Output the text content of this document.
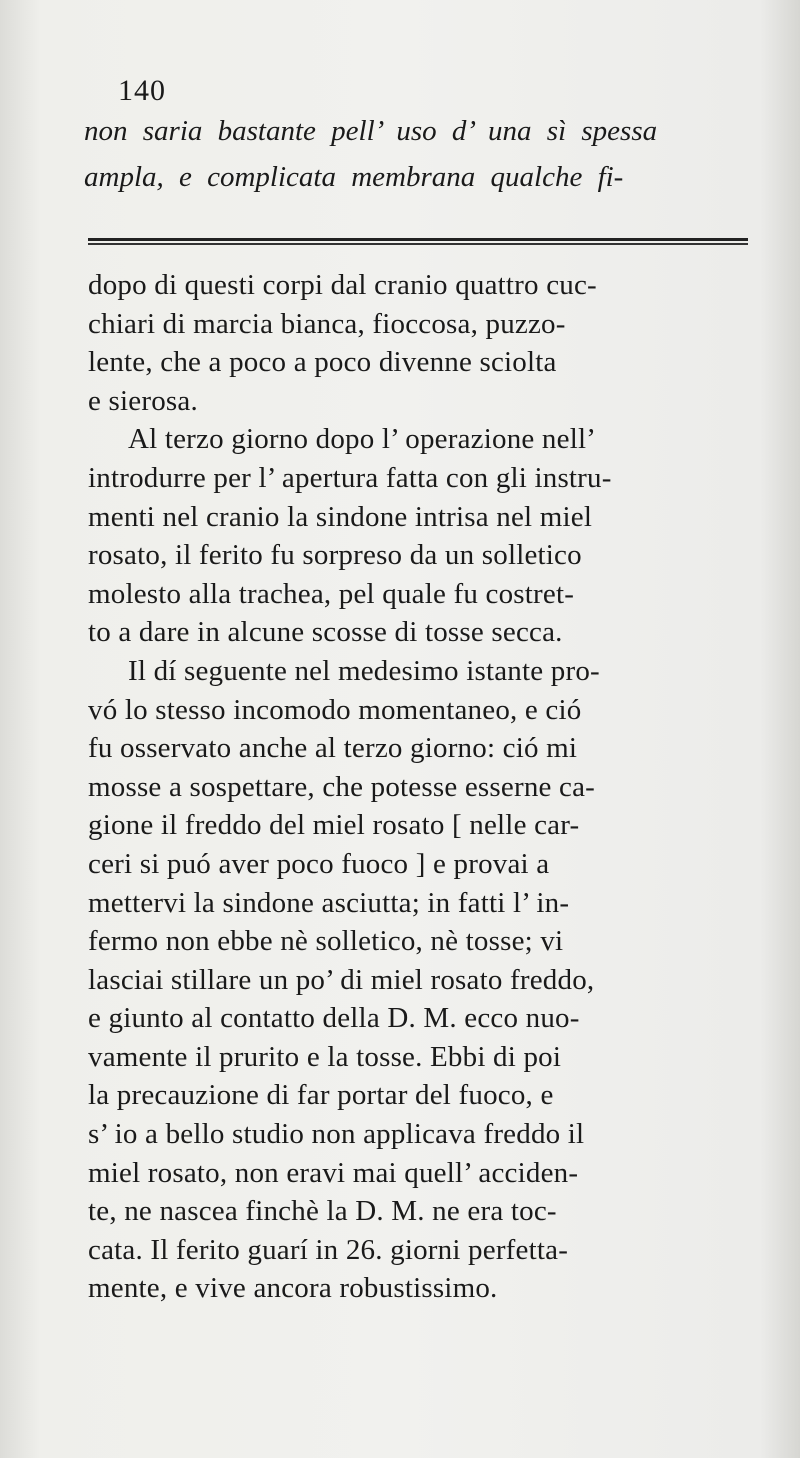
140
non saria bastante pell’ uso d’ una sì spessa
ampla, e complicata membrana qualche fi-
dopo di questi corpi dal cranio quattro cuc-
chiari di marcia bianca, fioccosa, puzzo-
lente, che a poco a poco divenne sciolta
e sierosa.
Al terzo giorno dopo l’ operazione nell’
introdurre per l’ apertura fatta con gli instru-
menti nel cranio la sindone intrisa nel miel
rosato, il ferito fu sorpreso da un solletico
molesto alla trachea, pel quale fu costret-
to a dare in alcune scosse di tosse secca.
Il dí seguente nel medesimo istante pro-
vó lo stesso incomodo momentaneo, e ció
fu osservato anche al terzo giorno: ció mi
mosse a sospettare, che potesse esserne ca-
gione il freddo del miel rosato [ nelle car-
ceri si puó aver poco fuoco ] e provai a
mettervi la sindone asciutta; in fatti l’ in-
fermo non ebbe nè solletico, nè tosse; vi
lasciai stillare un po’ di miel rosato freddo,
e giunto al contatto della D. M. ecco nuo-
vamente il prurito e la tosse. Ebbi di poi
la precauzione di far portar del fuoco, e
s’ io a bello studio non applicava freddo il
miel rosato, non eravi mai quell’ acciden-
te, ne nascea finchè la D. M. ne era toc-
cata. Il ferito guarí in 26. giorni perfetta-
mente, e vive ancora robustissimo.
